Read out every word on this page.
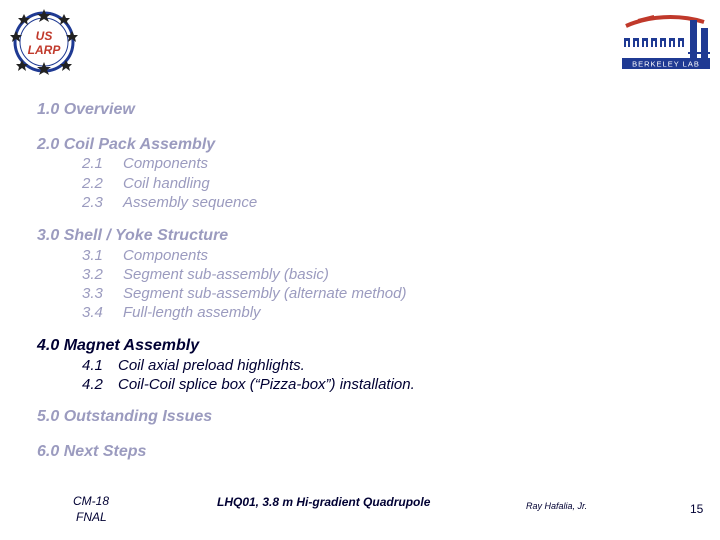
US
LARP
BERKELEY LAB
1.0 Overview
2.0 Coil Pack Assembly
2.1 Components
2.2 Coil handling
2.3 Assembly sequence
3.0 Shell / Yoke Structure
3.1 Components
3.2 Segment sub-assembly (basic)
3.3 Segment sub-assembly (alternate method)
3.4 Full-length assembly
4.0 Magnet Assembly
4.1 Coil axial preload highlights.
4.2 Coil-Coil splice box (“Pizza-box”) installation.
5.0 Outstanding Issues
6.0 Next Steps
CM-18
FNAL
LHQ01, 3.8 m Hi-gradient Quadrupole	Ray Hafalia, Jr.	15
